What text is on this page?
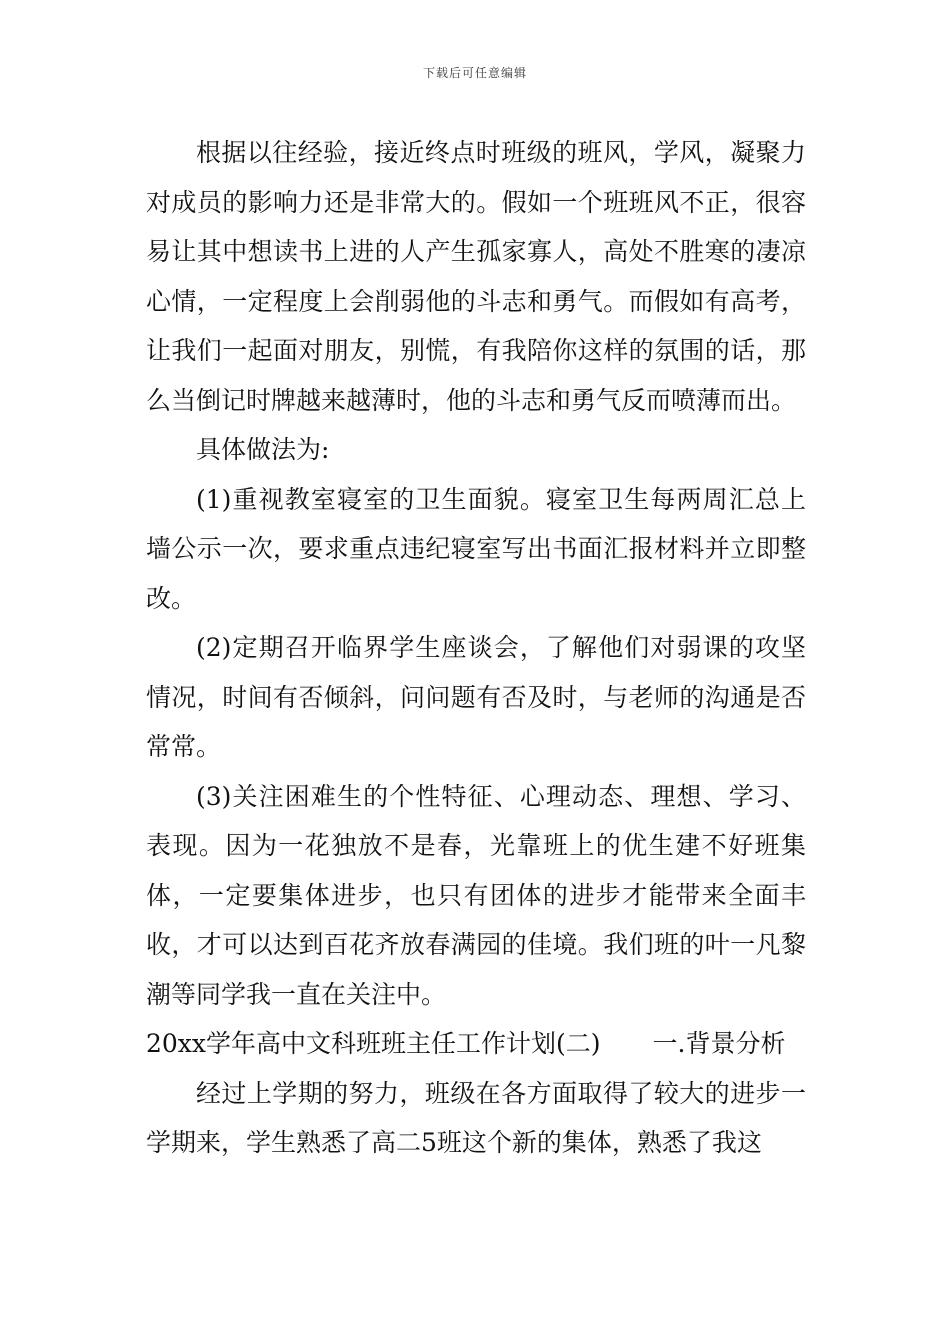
下载后可任意编辑

根据以往经验，接近终点时班级的班风，学风，凝聚力对成员的影响力还是非常大的。假如一个班班风不正，很容易让其中想读书上进的人产生孤家寡人，高处不胜寒的凄凉心情，一定程度上会削弱他的斗志和勇气。而假如有高考，让我们一起面对朋友，别慌，有我陪你这样的氛围的话，那么当倒记时牌越来越薄时，他的斗志和勇气反而喷薄而出。

具体做法为:

(1)重视教室寝室的卫生面貌。寝室卫生每两周汇总上墙公示一次，要求重点违纪寝室写出书面汇报材料并立即整改。

(2)定期召开临界学生座谈会，了解他们对弱课的攻坚情况，时间有否倾斜，问问题有否及时，与老师的沟通是否常常。

(3)关注困难生的个性特征、心理动态、理想、学习、表现。因为一花独放不是春，光靠班上的优生建不好班集体，一定要集体进步，也只有团体的进步才能带来全面丰收，才可以达到百花齐放春满园的佳境。我们班的叶一凡黎潮等同学我一直在关注中。

20xx学年高中文科班班主任工作计划(二) 一.背景分析

经过上学期的努力，班级在各方面取得了较大的进步一学期来，学生熟悉了高二5班这个新的集体，熟悉了我这
